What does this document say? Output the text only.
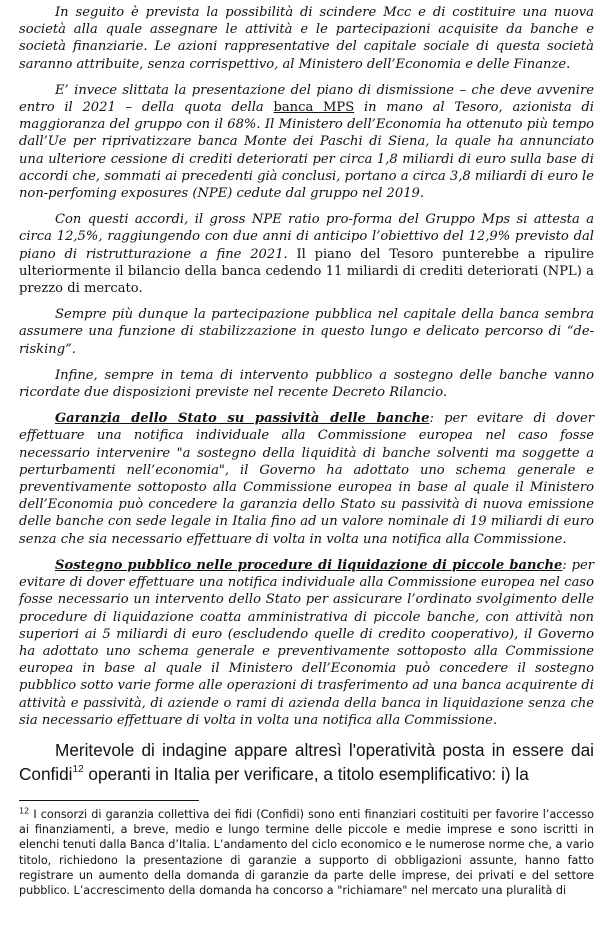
In seguito è prevista la possibilità di scindere Mcc e di costituire una nuova società alla quale assegnare le attività e le partecipazioni acquisite da banche e società finanziarie. Le azioni rappresentative del capitale sociale di questa società saranno attribuite, senza corrispettivo, al Ministero dell’Economia e delle Finanze.

E’ invece slittata la presentazione del piano di dismissione – che deve avvenire entro il 2021 – della quota della banca MPS in mano al Tesoro, azionista di maggioranza del gruppo con il 68%. Il Ministero dell’Economia ha ottenuto più tempo dall’Ue per riprivatizzare banca Monte dei Paschi di Siena, la quale ha annunciato una ulteriore cessione di crediti deteriorati per circa 1,8 miliardi di euro sulla base di accordi che, sommati ai precedenti già conclusi, portano a circa 3,8 miliardi di euro le non-perfoming exposures (NPE) cedute dal gruppo nel 2019.

Con questi accordi, il gross NPE ratio pro-forma del Gruppo Mps si attesta a circa 12,5%, raggiungendo con due anni di anticipo l’obiettivo del 12,9% previsto dal piano di ristrutturazione a fine 2021. Il piano del Tesoro punterebbe a ripulire ulteriormente il bilancio della banca cedendo 11 miliardi di crediti deteriorati (NPL) a prezzo di mercato.

Sempre più dunque la partecipazione pubblica nel capitale della banca sembra assumere una funzione di stabilizzazione in questo lungo e delicato percorso di “de-risking”.

Infine, sempre in tema di intervento pubblico a sostegno delle banche vanno ricordate due disposizioni previste nel recente Decreto Rilancio.

Garanzia dello Stato su passività delle banche: per evitare di dover effettuare una notifica individuale alla Commissione europea nel caso fosse necessario intervenire "a sostegno della liquidità di banche solventi ma soggette a perturbamenti nell’economia", il Governo ha adottato uno schema generale e preventivamente sottoposto alla Commissione europea in base al quale il Ministero dell’Economia può concedere la garanzia dello Stato su passività di nuova emissione delle banche con sede legale in Italia fino ad un valore nominale di 19 miliardi di euro senza che sia necessario effettuare di volta in volta una notifica alla Commissione.

Sostegno pubblico nelle procedure di liquidazione di piccole banche: per evitare di dover effettuare una notifica individuale alla Commissione europea nel caso fosse necessario un intervento dello Stato per assicurare l’ordinato svolgimento delle procedure di liquidazione coatta amministrativa di piccole banche, con attività non superiori ai 5 miliardi di euro (escludendo quelle di credito cooperativo), il Governo ha adottato uno schema generale e preventivamente sottoposto alla Commissione europea in base al quale il Ministero dell’Economia può concedere il sostegno pubblico sotto varie forme alle operazioni di trasferimento ad una banca acquirente di attività e passività, di aziende o rami di azienda della banca in liquidazione senza che sia necessario effettuare di volta in volta una notifica alla Commissione.

Meritevole di indagine appare altresì l'operatività posta in essere dai Confidi$^{12}$ operanti in Italia per verificare, a titolo esemplificativo: i) la

$^{12}$ I consorzi di garanzia collettiva dei fidi (Confidi) sono enti finanziari costituiti per favorire l’accesso ai finanziamenti, a breve, medio e lungo termine delle piccole e medie imprese e sono iscritti in elenchi tenuti dalla Banca d’Italia. L’andamento del ciclo economico e le numerose norme che, a vario titolo, richiedono la presentazione di garanzie a supporto di obbligazioni assunte, hanno fatto registrare un aumento della domanda di garanzie da parte delle imprese, dei privati e del settore pubblico. L’accrescimento della domanda ha concorso a "richiamare" nel mercato una pluralità di
